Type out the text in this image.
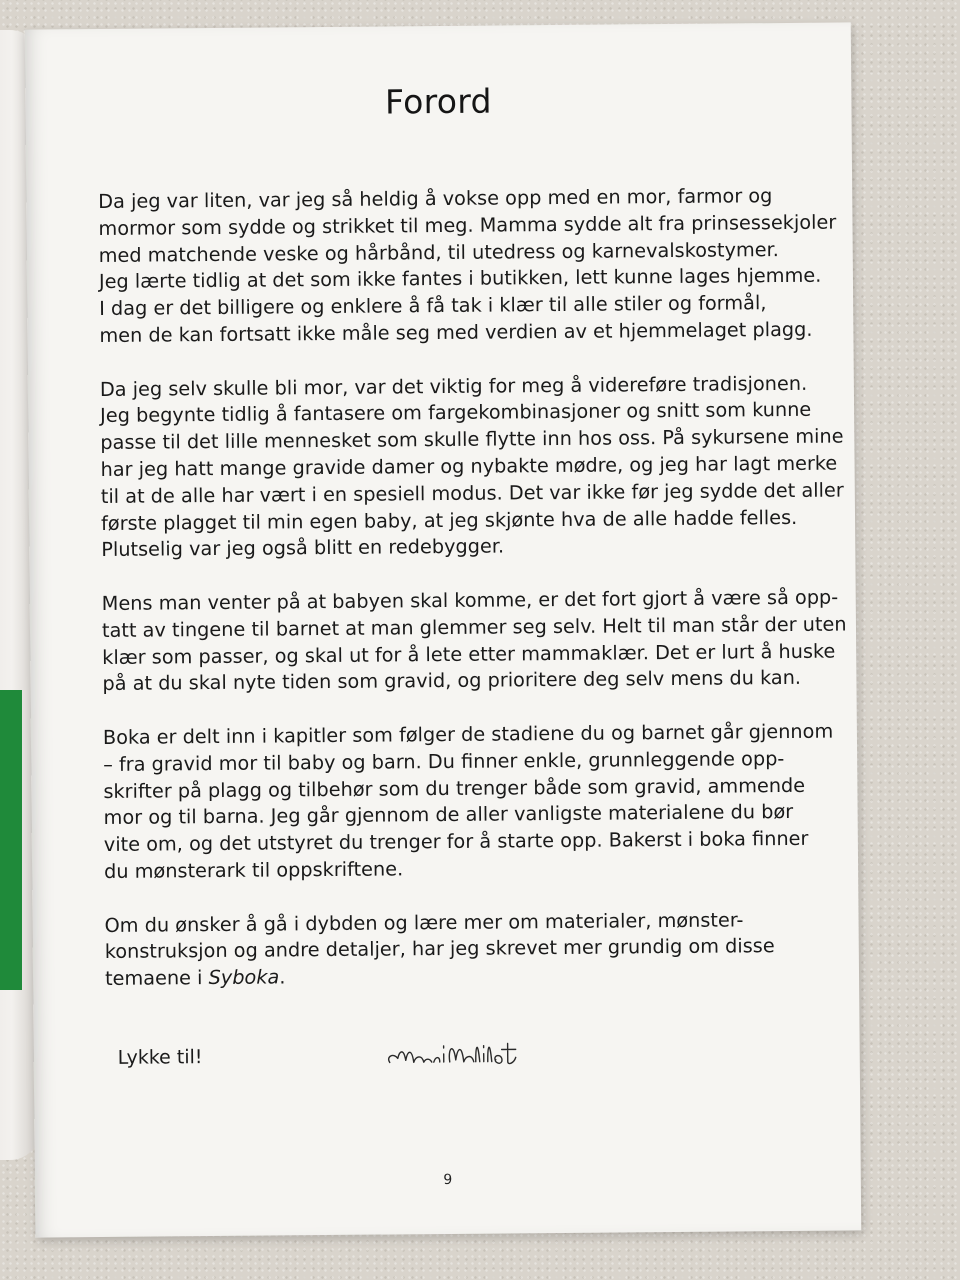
Forord

Da jeg var liten, var jeg så heldig å vokse opp med en mor, farmor og
mormor som sydde og strikket til meg. Mamma sydde alt fra prinsessekjoler
med matchende veske og hårbånd, til utedress og karnevalskostymer.
Jeg lærte tidlig at det som ikke fantes i butikken, lett kunne lages hjemme.
I dag er det billigere og enklere å få tak i klær til alle stiler og formål,
men de kan fortsatt ikke måle seg med verdien av et hjemmelaget plagg.

Da jeg selv skulle bli mor, var det viktig for meg å videreføre tradisjonen.
Jeg begynte tidlig å fantasere om fargekombinasjoner og snitt som kunne
passe til det lille mennesket som skulle flytte inn hos oss. På sykursene mine
har jeg hatt mange gravide damer og nybakte mødre, og jeg har lagt merke
til at de alle har vært i en spesiell modus. Det var ikke før jeg sydde det aller
første plagget til min egen baby, at jeg skjønte hva de alle hadde felles.
Plutselig var jeg også blitt en redebygger.

Mens man venter på at babyen skal komme, er det fort gjort å være så opp-
tatt av tingene til barnet at man glemmer seg selv. Helt til man står der uten
klær som passer, og skal ut for å lete etter mammaklær. Det er lurt å huske
på at du skal nyte tiden som gravid, og prioritere deg selv mens du kan.

Boka er delt inn i kapitler som følger de stadiene du og barnet går gjennom
– fra gravid mor til baby og barn. Du finner enkle, grunnleggende opp-
skrifter på plagg og tilbehør som du trenger både som gravid, ammende
mor og til barna. Jeg går gjennom de aller vanligste materialene du bør
vite om, og det utstyret du trenger for å starte opp. Bakerst i boka finner
du mønsterark til oppskriftene.

Om du ønsker å gå i dybden og lære mer om materialer, mønster-
konstruksjon og andre detaljer, har jeg skrevet mer grundig om disse
temaene i Syboka.

Lykke til!
9
